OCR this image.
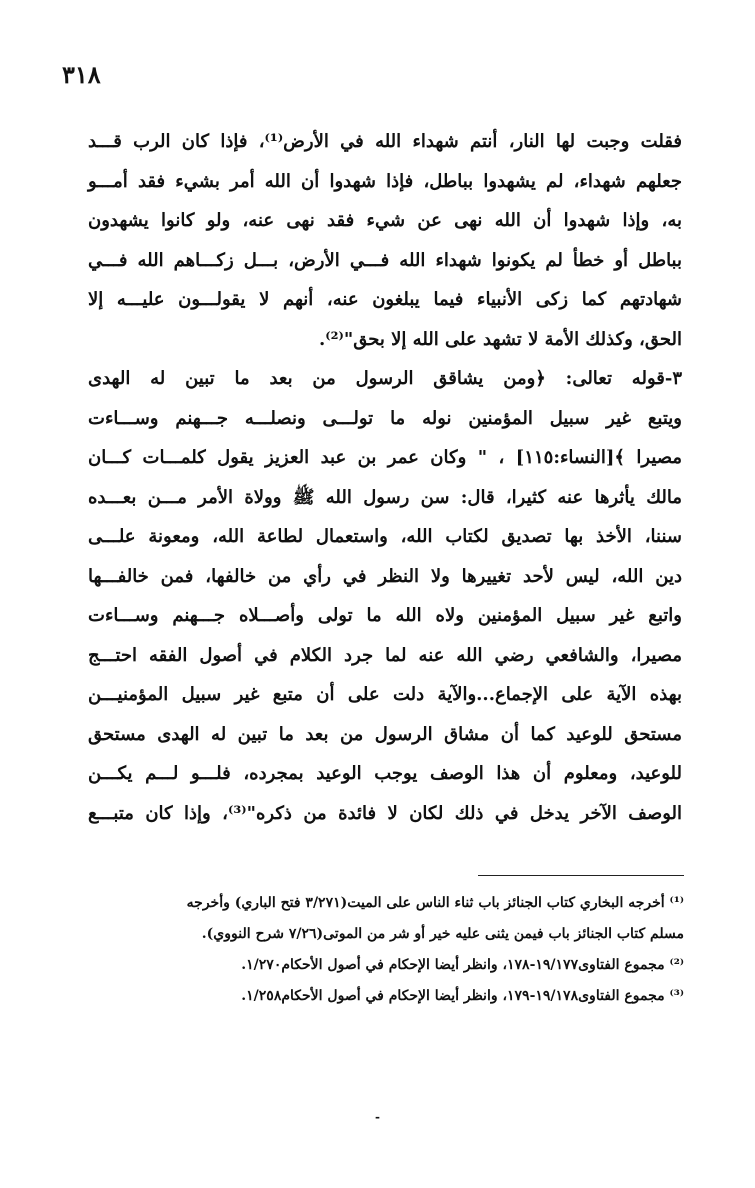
٣١٨
فقلت وجبت لها النار، أنتم شهداء الله في الأرض⁽¹⁾، فإذا كان الرب قـــد
جعلهم شهداء، لم يشهدوا بباطل، فإذا شهدوا أن الله أمر بشيء فقد أمـــو
به، وإذا شهدوا أن الله نهى عن شيء فقد نهى عنه، ولو كانوا يشهدون
بباطل أو خطأ لم يكونوا شهداء الله فـــي الأرض، بـــل زكـــاهم الله فـــي
شهادتهم كما زكى الأنبياء فيما يبلغون عنه، أنهم لا يقولـــون عليـــه إلا
الحق، وكذلك الأمة لا تشهد على الله إلا بحق"⁽²⁾.
٣-قوله تعالى: ﴿ومن يشاقق الرسول من بعد ما تبين له الهدى
ويتبع غير سبيل المؤمنين نوله ما تولـــى ونصلـــه جـــهنم وســـاءت
مصيرا ﴾[النساء:١١٥] ، " وكان عمر بن عبد العزيز يقول كلمـــات كـــان
مالك يأثرها عنه كثيرا، قال: سن رسول الله ﷺ وولاة الأمر مـــن بعـــده
سننا، الأخذ بها تصديق لكتاب الله، واستعمال لطاعة الله، ومعونة علـــى
دين الله، ليس لأحد تغييرها ولا النظر في رأي من خالفها، فمن خالفـــها
واتبع غير سبيل المؤمنين ولاه الله ما تولى وأصـــلاه جـــهنم وســـاءت
مصيرا، والشافعي رضي الله عنه لما جرد الكلام في أصول الفقه احتـــج
بهذه الآية على الإجماع...والآية دلت على أن متبع غير سبيل المؤمنيـــن
مستحق للوعيد كما أن مشاق الرسول من بعد ما تبين له الهدى مستحق
للوعيد، ومعلوم أن هذا الوصف يوجب الوعيد بمجرده، فلـــو لـــم يكـــن
الوصف الآخر يدخل في ذلك لكان لا فائدة من ذكره"⁽³⁾، وإذا كان متبـــع
⁽¹⁾ أخرجه البخاري كتاب الجنائز باب ثناء الناس على الميت(٣/٢٧١ فتح الباري) وأخرجه
مسلم كتاب الجنائز باب فيمن يثنى عليه خير أو شر من الموتى(٧/٢٦ شرح النووي).
⁽²⁾ مجموع الفتاوى١٩/١٧٧-١٧٨، وانظر أيضا الإحكام في أصول الأحكام١/٢٧٠.
⁽³⁾ مجموع الفتاوى١٩/١٧٨-١٧٩، وانظر أيضا الإحكام في أصول الأحكام١/٢٥٨.
-
